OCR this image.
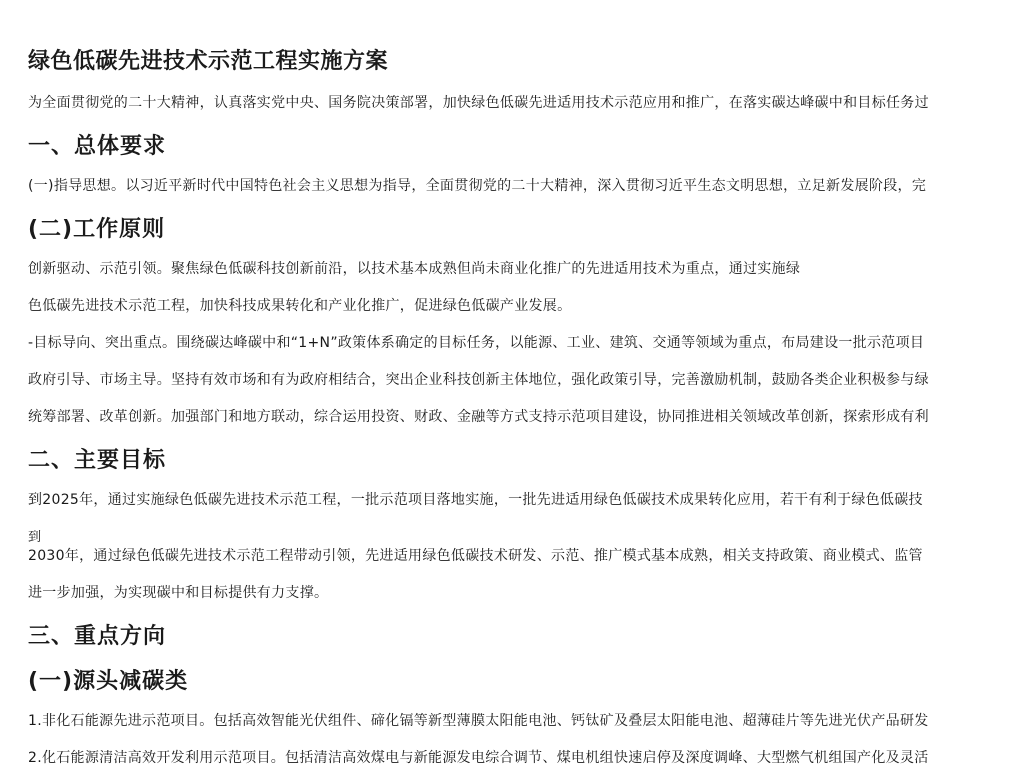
绿色低碳先进技术示范工程实施方案
为全面贯彻党的二十大精神，认真落实党中央、国务院决策部署，加快绿色低碳先进适用技术示范应用和推广，在落实碳达峰碳中和目标任务过
一、总体要求
(一)指导思想。以习近平新时代中国特色社会主义思想为指导，全面贯彻党的二十大精神，深入贯彻习近平生态文明思想，立足新发展阶段，完
(二)工作原则
创新驱动、示范引领。聚焦绿色低碳科技创新前沿，以技术基本成熟但尚未商业化推广的先进适用技术为重点，通过实施绿
色低碳先进技术示范工程，加快科技成果转化和产业化推广，促进绿色低碳产业发展。
-目标导向、突出重点。围绕碳达峰碳中和“1+N”政策体系确定的目标任务，以能源、工业、建筑、交通等领域为重点，布局建设一批示范项目
政府引导、市场主导。坚持有效市场和有为政府相结合，突出企业科技创新主体地位，强化政策引导，完善激励机制，鼓励各类企业积极参与绿
统筹部署、改革创新。加强部门和地方联动，综合运用投资、财政、金融等方式支持示范项目建设，协同推进相关领域改革创新，探索形成有利
二、主要目标
到2025年，通过实施绿色低碳先进技术示范工程，一批示范项目落地实施，一批先进适用绿色低碳技术成果转化应用，若干有利于绿色低碳技
到
2030年，通过绿色低碳先进技术示范工程带动引领，先进适用绿色低碳技术研发、示范、推广模式基本成熟，相关支持政策、商业模式、监管
进一步加强，为实现碳中和目标提供有力支撑。
三、重点方向
(一)源头减碳类
1.非化石能源先进示范项目。包括高效智能光伏组件、碲化镉等新型薄膜太阳能电池、钙钛矿及叠层太阳能电池、超薄硅片等先进光伏产品研发
2.化石能源清洁高效开发利用示范项目。包括清洁高效煤电与新能源发电综合调节、煤电机组快速启停及深度调峰、大型燃气机组国产化及灵活
